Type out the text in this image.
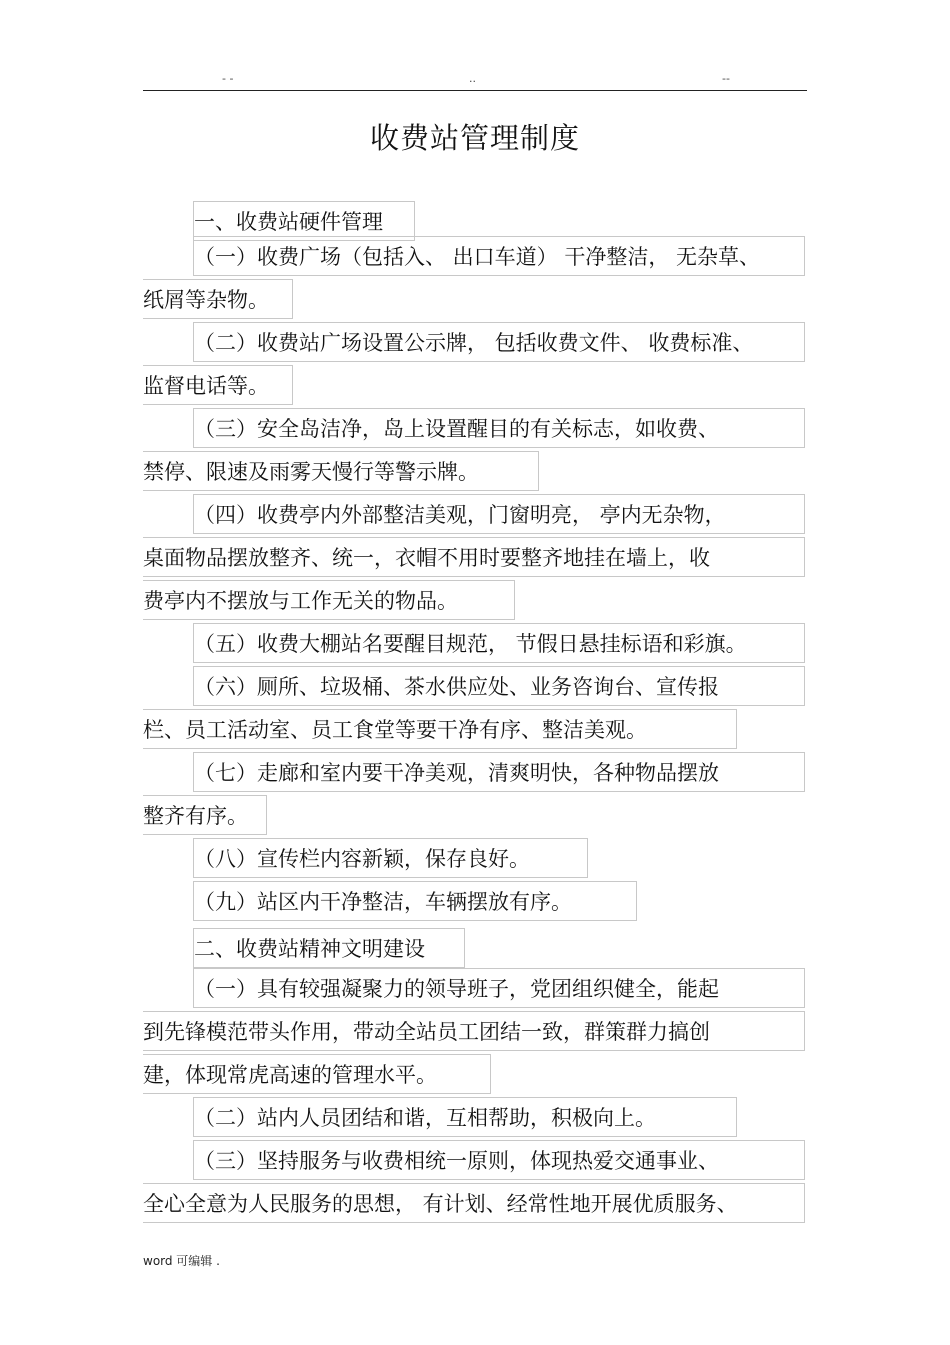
- -	..	--
收费站管理制度
一、收费站硬件管理
（一）收费广场（包括入、 出口车道） 干净整洁， 无杂草、
纸屑等杂物。
（二）收费站广场设置公示牌， 包括收费文件、 收费标准、
监督电话等。
（三）安全岛洁净，岛上设置醒目的有关标志，如收费、
禁停、限速及雨雾天慢行等警示牌。
（四）收费亭内外部整洁美观，门窗明亮， 亭内无杂物，
桌面物品摆放整齐、统一，衣帽不用时要整齐地挂在墙上，收
费亭内不摆放与工作无关的物品。
（五）收费大棚站名要醒目规范， 节假日悬挂标语和彩旗。
（六）厕所、垃圾桶、茶水供应处、业务咨询台、宣传报
栏、员工活动室、员工食堂等要干净有序、整洁美观。
（七）走廊和室内要干净美观，清爽明快，各种物品摆放
整齐有序。
（八）宣传栏内容新颖，保存良好。
（九）站区内干净整洁，车辆摆放有序。
二、收费站精神文明建设
（一）具有较强凝聚力的领导班子，党团组织健全，能起
到先锋模范带头作用，带动全站员工团结一致，群策群力搞创
建，体现常虎高速的管理水平。
（二）站内人员团结和谐，互相帮助，积极向上。
（三）坚持服务与收费相统一原则，体现热爱交通事业、
全心全意为人民服务的思想， 有计划、经常性地开展优质服务、
word 可编辑 .
